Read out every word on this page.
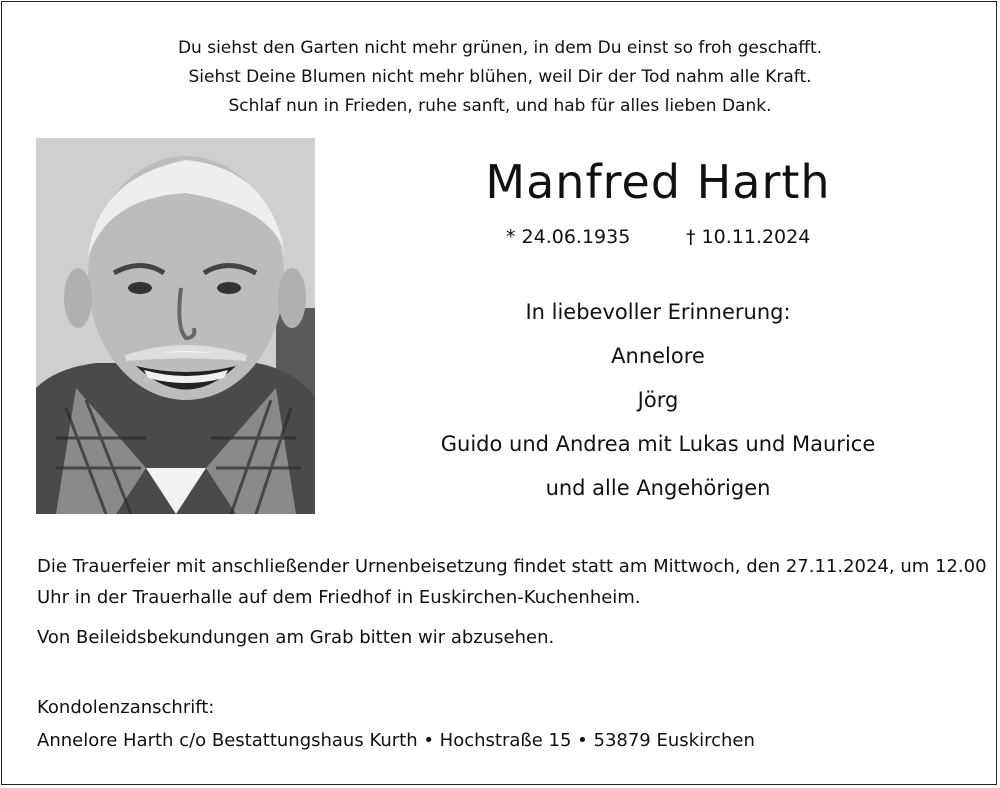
Du siehst den Garten nicht mehr grünen, in dem Du einst so froh geschafft.
Siehst Deine Blumen nicht mehr blühen, weil Dir der Tod nahm alle Kraft.
Schlaf nun in Frieden, ruhe sanft, und hab für alles lieben Dank.
Manfred Harth
* 24.06.1935	† 10.11.2024
In liebevoller Erinnerung:
Annelore
Jörg
Guido und Andrea mit Lukas und Maurice
und alle Angehörigen

Die Trauerfeier mit anschließender Urnenbeisetzung findet statt am Mittwoch, den 27.11.2024, um 12.00 Uhr in der Trauerhalle auf dem Friedhof in Euskirchen-Kuchenheim.

Von Beileidsbekundungen am Grab bitten wir abzusehen.

Kondolenzanschrift:
Annelore Harth c/o Bestattungshaus Kurth • Hochstraße 15 • 53879 Euskirchen
